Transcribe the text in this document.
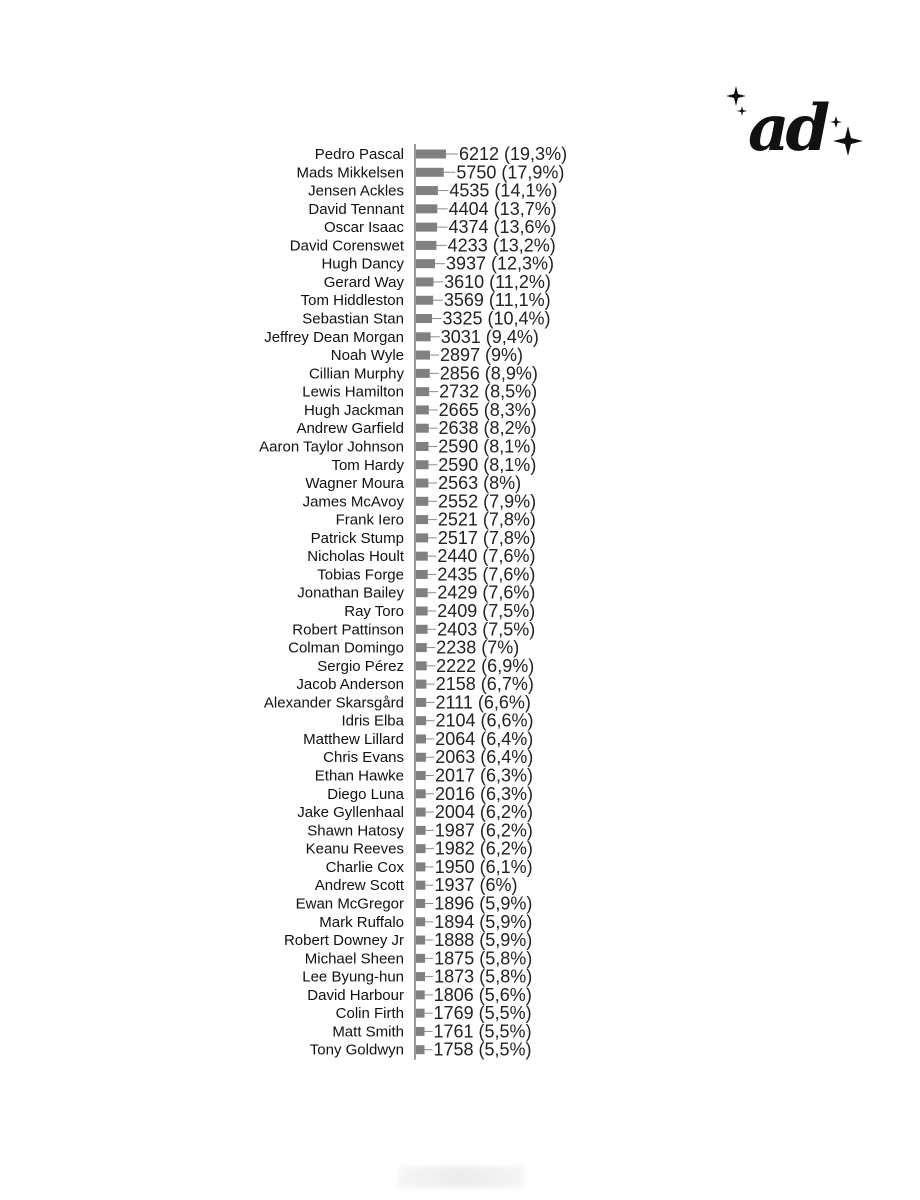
Pedro Pascal	6212 (19,3%)
Mads Mikkelsen	5750 (17,9%)
Jensen Ackles	4535 (14,1%)
David Tennant 4404 (13,7%)
Oscar Isaac 4374 (13,6%)
David Corenswet 4233 (13,2%)
Hugh Dancy 3937 (12,3%)
Gerard Way 3610 (11,2%)
Tom Hiddleston 3569 (11,1%)
Sebastian Stan 3325 (10,4%)
Jeffrey Dean Morgan 3031 (9,4%)
Noah Wyle 2897 (9%)
Cillian Murphy 2856 (8,9%)
Lewis Hamilton 2732 (8,5%)
Hugh Jackman 2665 (8,3%)
Andrew Garfield 2638 (8,2%)
Aaron Taylor Johnson 2590 (8,1%)
Tom Hardy 2590 (8,1%)
Wagner Moura 2563 (8%)
James McAvoy 2552 (7,9%)
Frank Iero 2521 (7,8%)
Patrick Stump 2517 (7,8%)
Nicholas Hoult 2440 (7,6%)
Tobias Forge 2435 (7,6%)
Jonathan Bailey 2429 (7,6%)
Ray Toro 2409 (7,5%)
Robert Pattinson 2403 (7,5%)
Colman Domingo 2238 (7%)
Sergio Pérez 2222 (6,9%)
Jacob Anderson 2158 (6,7%)
Alexander Skarsgård 2111 (6,6%)
Idris Elba 2104 (6,6%)
Matthew Lillard 2064 (6,4%)
Chris Evans 2063 (6,4%)
Ethan Hawke 2017 (6,3%)
Diego Luna 2016 (6,3%)
Jake Gyllenhaal 2004 (6,2%)
Shawn Hatosy 1987 (6,2%)
Keanu Reeves 1982 (6,2%)
Charlie Cox 1950 (6,1%)
Andrew Scott 1937 (6%)
Ewan McGregor 1896 (5,9%)
Mark Ruffalo 1894 (5,9%)
Robert Downey Jr 1888 (5,9%)
Michael Sheen 1875 (5,8%)
Lee Byung-hun 1873 (5,8%)
David Harbour 1806 (5,6%)
Colin Firth 1769 (5,5%)
Matt Smith 1761 (5,5%)
Tony Goldwyn 1758 (5,5%)
ad
